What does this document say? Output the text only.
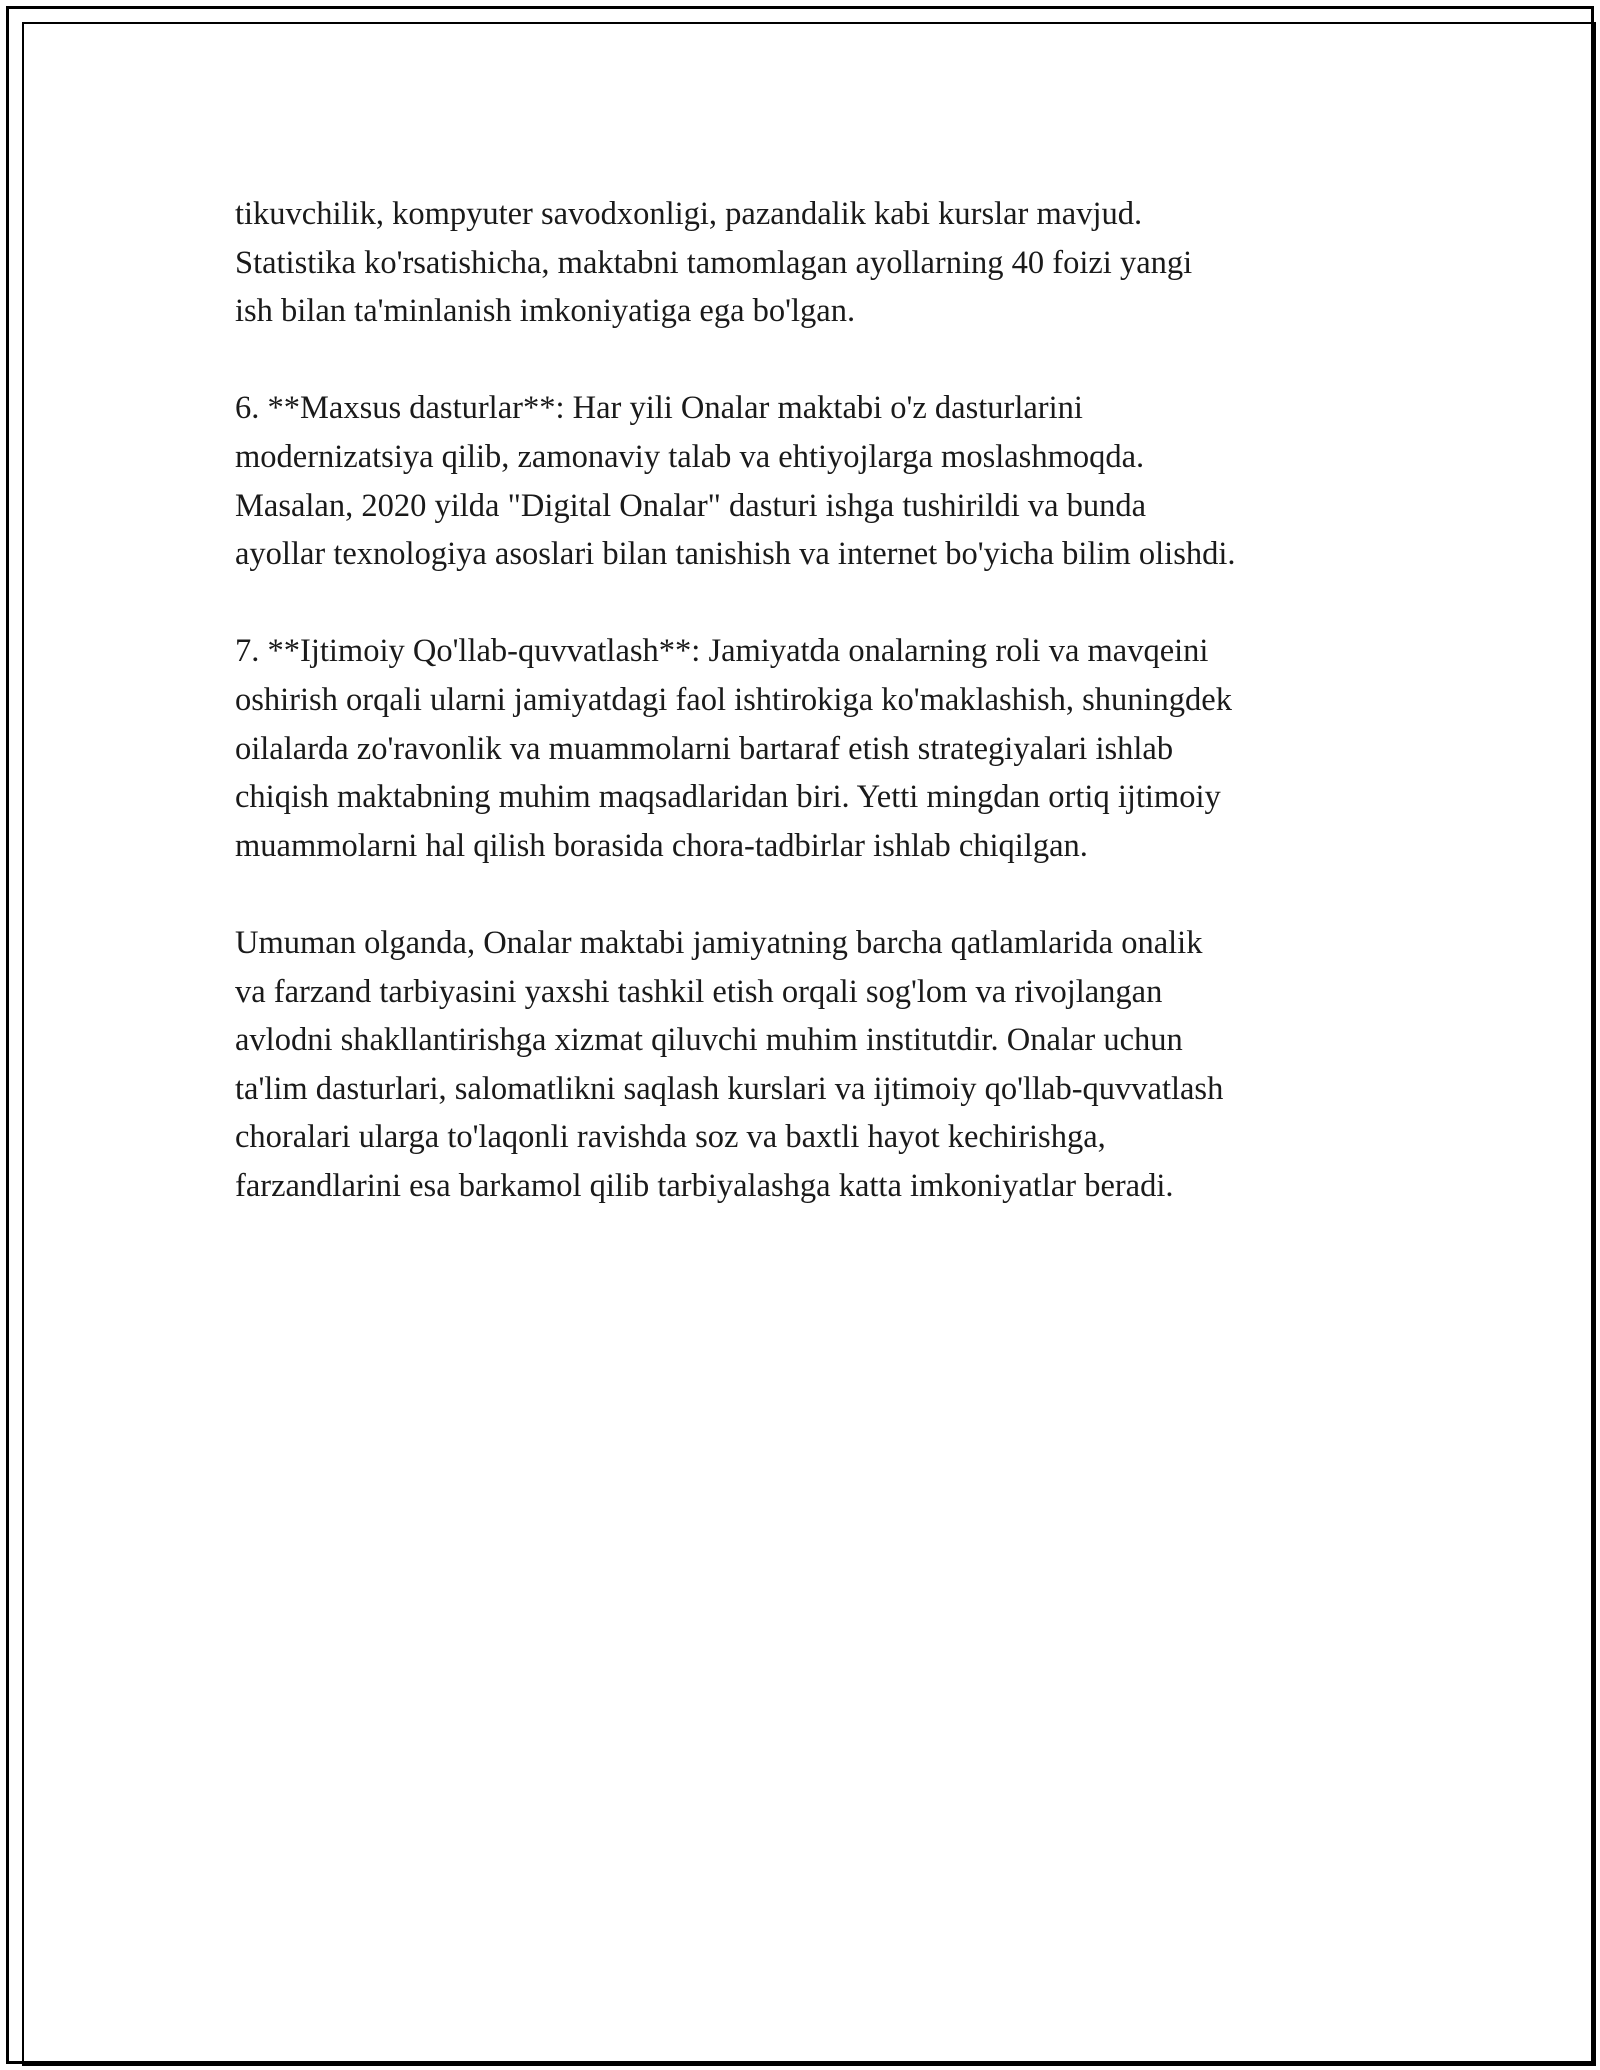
tikuvchilik, kompyuter savodxonligi, pazandalik kabi kurslar mavjud.
Statistika ko'rsatishicha, maktabni tamomlagan ayollarning 40 foizi yangi
ish bilan ta'minlanish imkoniyatiga ega bo'lgan.

6. **Maxsus dasturlar**: Har yili Onalar maktabi o'z dasturlarini
modernizatsiya qilib, zamonaviy talab va ehtiyojlarga moslashmoqda.
Masalan, 2020 yilda "Digital Onalar" dasturi ishga tushirildi va bunda
ayollar texnologiya asoslari bilan tanishish va internet bo'yicha bilim olishdi.

7. **Ijtimoiy Qo'llab-quvvatlash**: Jamiyatda onalarning roli va mavqeini
oshirish orqali ularni jamiyatdagi faol ishtirokiga ko'maklashish, shuningdek
oilalarda zo'ravonlik va muammolarni bartaraf etish strategiyalari ishlab
chiqish maktabning muhim maqsadlaridan biri. Yetti mingdan ortiq ijtimoiy
muammolarni hal qilish borasida chora-tadbirlar ishlab chiqilgan.

Umuman olganda, Onalar maktabi jamiyatning barcha qatlamlarida onalik
va farzand tarbiyasini yaxshi tashkil etish orqali sog'lom va rivojlangan
avlodni shakllantirishga xizmat qiluvchi muhim institutdir. Onalar uchun
ta'lim dasturlari, salomatlikni saqlash kurslari va ijtimoiy qo'llab-quvvatlash
choralari ularga to'laqonli ravishda soz va baxtli hayot kechirishga,
farzandlarini esa barkamol qilib tarbiyalashga katta imkoniyatlar beradi.
